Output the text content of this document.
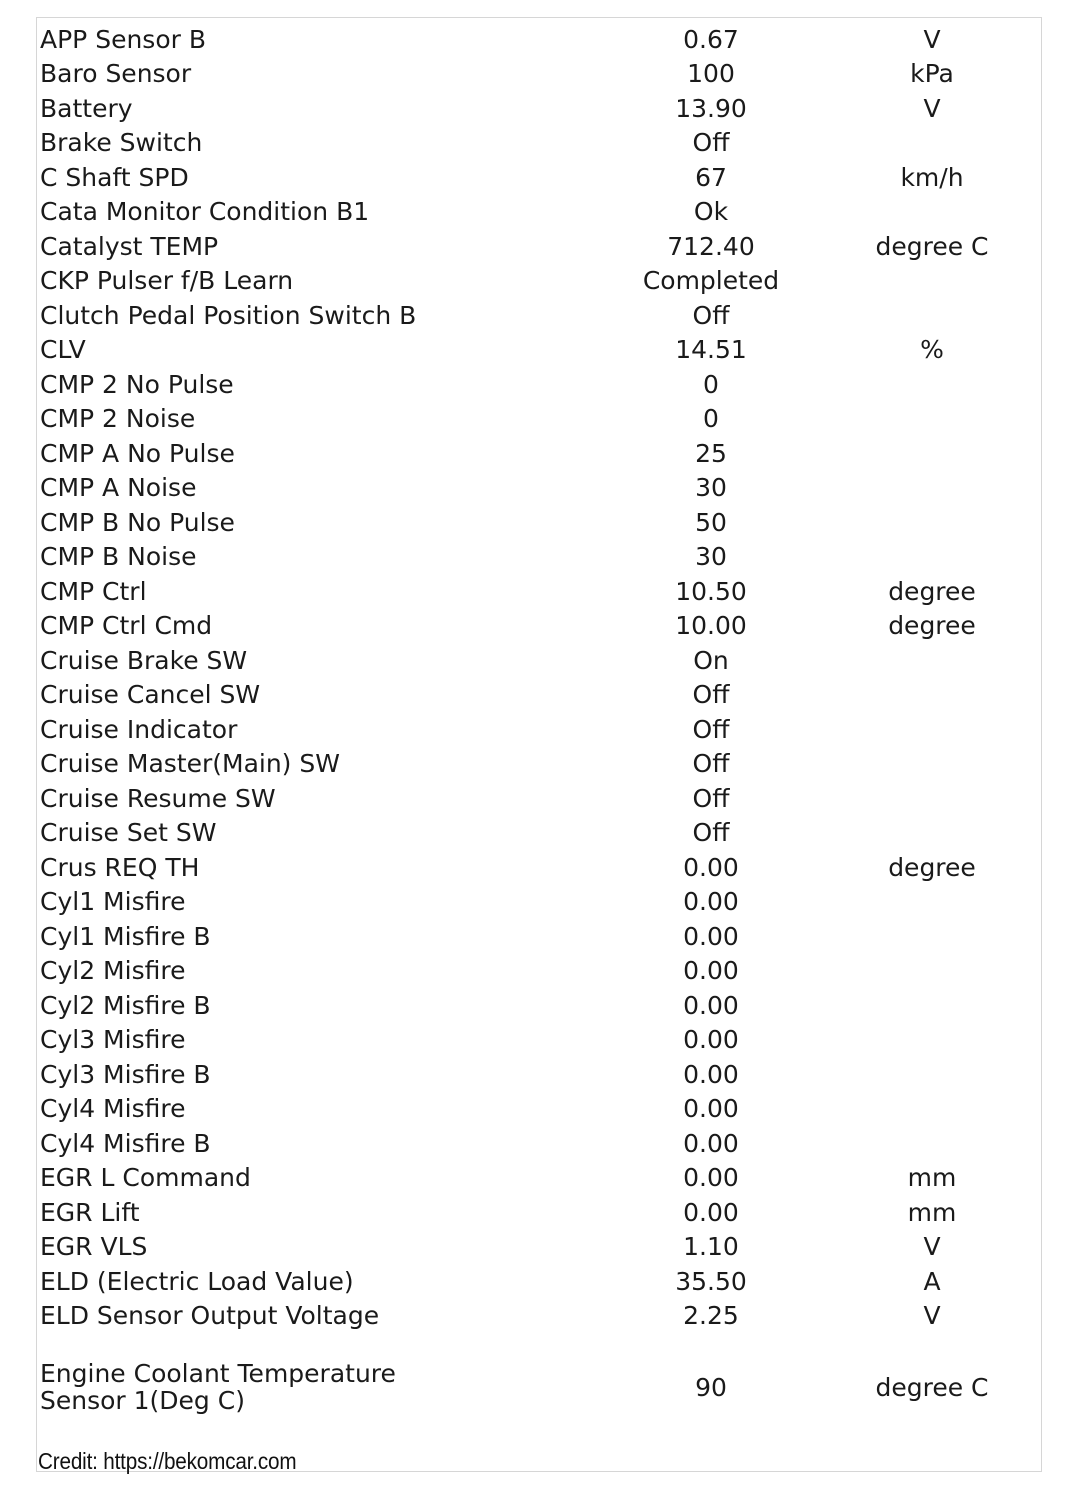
APP Sensor B	0.67	V
Baro Sensor	100	kPa
Battery	13.90	V
Brake Switch	Off
C Shaft SPD	67	km/h
Cata Monitor Condition B1	Ok
Catalyst TEMP	712.40	degree C
CKP Pulser f/B Learn	Completed
Clutch Pedal Position Switch B	Off
CLV	14.51	%
CMP 2 No Pulse	0
CMP 2 Noise	0
CMP A No Pulse	25
CMP A Noise	30
CMP B No Pulse	50
CMP B Noise	30
CMP Ctrl	10.50	degree
CMP Ctrl Cmd	10.00	degree
Cruise Brake SW	On
Cruise Cancel SW	Off
Cruise Indicator	Off
Cruise Master(Main) SW	Off
Cruise Resume SW	Off
Cruise Set SW	Off
Crus REQ TH	0.00	degree
Cyl1 Misfire	0.00
Cyl1 Misfire B	0.00
Cyl2 Misfire	0.00
Cyl2 Misfire B	0.00
Cyl3 Misfire	0.00
Cyl3 Misfire B	0.00
Cyl4 Misfire	0.00
Cyl4 Misfire B	0.00
EGR L Command	0.00	mm
EGR Lift	0.00	mm
EGR VLS	1.10	V
ELD (Electric Load Value)	35.50	A
ELD Sensor Output Voltage	2.25	V
Engine Coolant Temperature Sensor 1(Deg C)	90	degree C
Credit: https://bekomcar.com
